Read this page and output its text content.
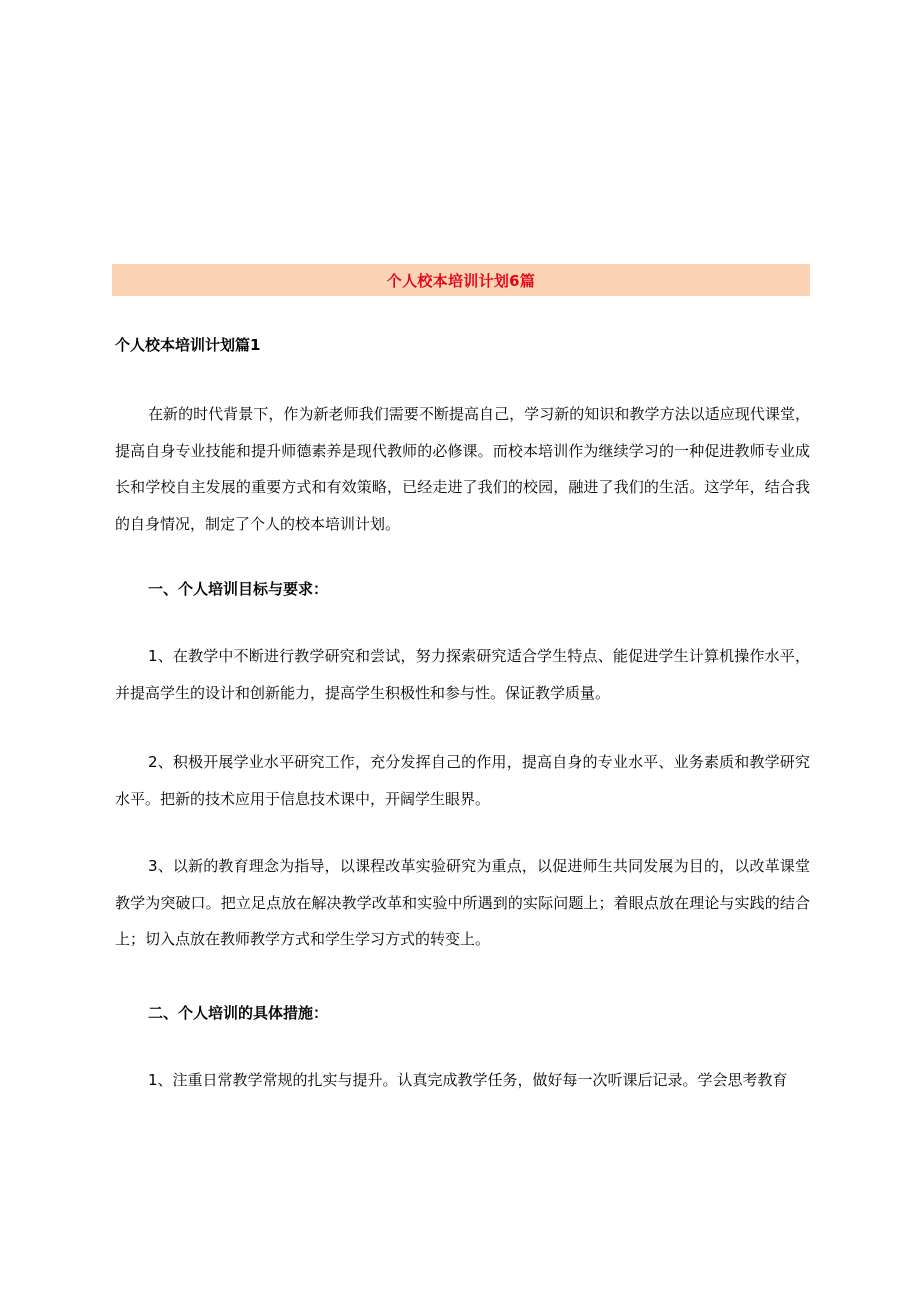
个人校本培训计划6篇
个人校本培训计划篇1

在新的时代背景下，作为新老师我们需要不断提高自己，学习新的知识和教学方法以适应现代课堂，提高自身专业技能和提升师德素养是现代教师的必修课。而校本培训作为继续学习的一种促进教师专业成长和学校自主发展的重要方式和有效策略，已经走进了我们的校园，融进了我们的生活。这学年，结合我的自身情况，制定了个人的校本培训计划。

一、个人培训目标与要求：

1、在教学中不断进行教学研究和尝试，努力探索研究适合学生特点、能促进学生计算机操作水平，并提高学生的设计和创新能力，提高学生积极性和参与性。保证教学质量。

2、积极开展学业水平研究工作，充分发挥自己的作用，提高自身的专业水平、业务素质和教学研究水平。把新的技术应用于信息技术课中，开阔学生眼界。

3、以新的教育理念为指导，以课程改革实验研究为重点，以促进师生共同发展为目的，以改革课堂教学为突破口。把立足点放在解决教学改革和实验中所遇到的实际问题上；着眼点放在理论与实践的结合上；切入点放在教师教学方式和学生学习方式的转变上。

二、个人培训的具体措施：

1、注重日常教学常规的扎实与提升。认真完成教学任务，做好每一次听课后记录。学会思考教育
